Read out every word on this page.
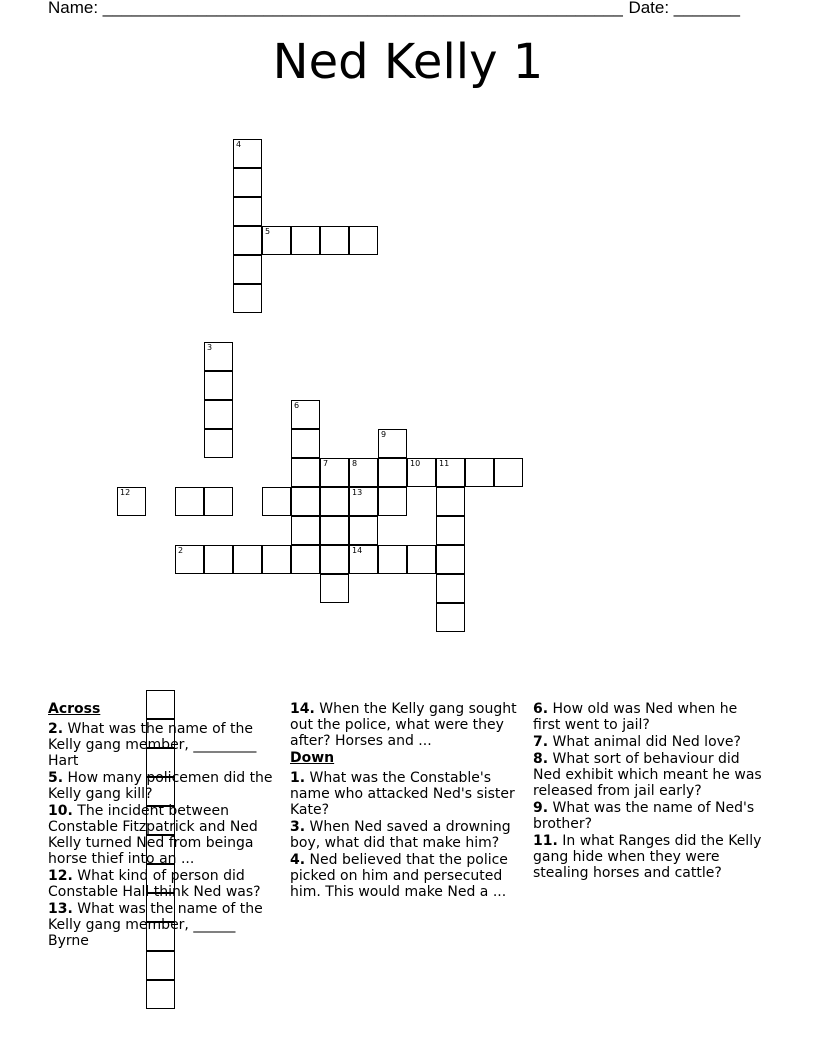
Name: _______________________________________________________ Date: _______
Ned Kelly 1
2
3
4
5
6
7	8
13
9
10 11
12
14
Across
2. What was the name of the Kelly gang member, _________ Hart
5. How many policemen did the Kelly gang kill?
10. The incident between Constable Fitzpatrick and Ned Kelly turned Ned from beinga horse thief into an ...
12. What kind of person did Constable Hall think Ned was?
13. What was the name of the Kelly gang member, ______ Byrne
14. When the Kelly gang sought out the police, what were they after? Horses and ...
Down
1. What was the Constable's name who attacked Ned's sister Kate?
3. When Ned saved a drowning boy, what did that make him?
4. Ned believed that the police picked on him and persecuted him. This would make Ned a ...
6. How old was Ned when he first went to jail?
7. What animal did Ned love?
8. What sort of behaviour did Ned exhibit which meant he was released from jail early?
9. What was the name of Ned's brother?
11. In what Ranges did the Kelly gang hide when they were stealing horses and cattle?
